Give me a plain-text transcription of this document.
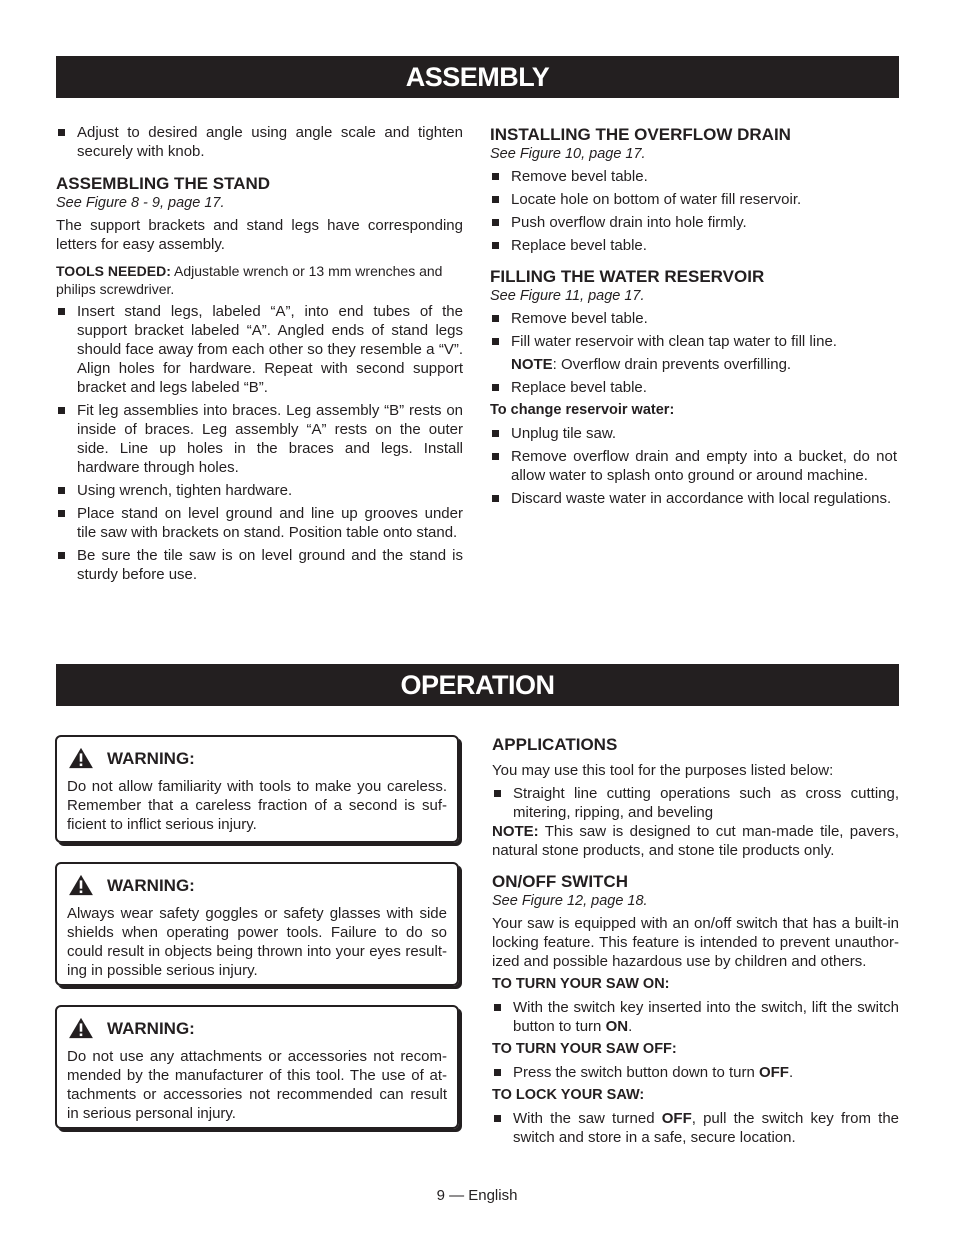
ASSEMBLY
Adjust to desired angle using angle scale and tighten securely with knob.
ASSEMBLING THE STAND
See Figure 8 - 9, page 17.

The support brackets and stand legs have corresponding letters for easy assembly.

TOOLS NEEDED: Adjustable wrench or 13 mm wrenches and philips screwdriver.

Insert stand legs, labeled “A”, into end tubes of the support bracket labeled “A”. Angled ends of stand legs should face away from each other so they resemble a “V”. Align holes for hardware. Repeat with second support bracket and legs labeled “B”.
Fit leg assemblies into braces. Leg assembly “B” rests on inside of braces. Leg assembly “A” rests on the outer side. Line up holes in the braces and legs. Install hardware through holes.
Using wrench, tighten hardware.
Place stand on level ground and line up grooves under tile saw with brackets on stand. Position table onto stand.
Be sure the tile saw is on level ground and the stand is sturdy before use.
INSTALLING THE OVERFLOW DRAIN
See Figure 10, page 17.
Remove bevel table.
Locate hole on bottom of water fill reservoir.
Push overflow drain into hole firmly.
Replace bevel table.
FILLING THE WATER RESERVOIR
See Figure 11, page 17.
Remove bevel table.
Fill water reservoir with clean tap water to fill line.
NOTE: Overflow drain prevents overfilling.
Replace bevel table.
To change reservoir water:
Unplug tile saw.
Remove overflow drain and empty into a bucket, do not allow water to splash onto ground or around machine.
Discard waste water in accordance with local regulations.
OPERATION
WARNING:

Do not allow familiarity with tools to make you careless. Remember that a careless fraction of a second is sufficient to inflict serious injury.

WARNING:

Always wear safety goggles or safety glasses with side shields when operating power tools. Failure to do so could result in objects being thrown into your eyes resulting in possible serious injury.

WARNING:

Do not use any attachments or accessories not recommended by the manufacturer of this tool. The use of attachments or accessories not recommended can result in serious personal injury.

APPLICATIONS

You may use this tool for the purposes listed below:

Straight line cutting operations such as cross cutting, mitering, ripping, and beveling

NOTE: This saw is designed to cut man-made tile, pavers, natural stone products, and stone tile products only.

ON/OFF SWITCH
See Figure 12, page 18.

Your saw is equipped with an on/off switch that has a built-in locking feature. This feature is intended to prevent unauthorized and possible hazardous use by children and others.

TO TURN YOUR SAW ON:
With the switch key inserted into the switch, lift the switch button to turn ON.
TO TURN YOUR SAW OFF:
Press the switch button down to turn OFF.
TO LOCK YOUR SAW:
With the saw turned OFF, pull the switch key from the switch and store in a safe, secure location.
9 — English
